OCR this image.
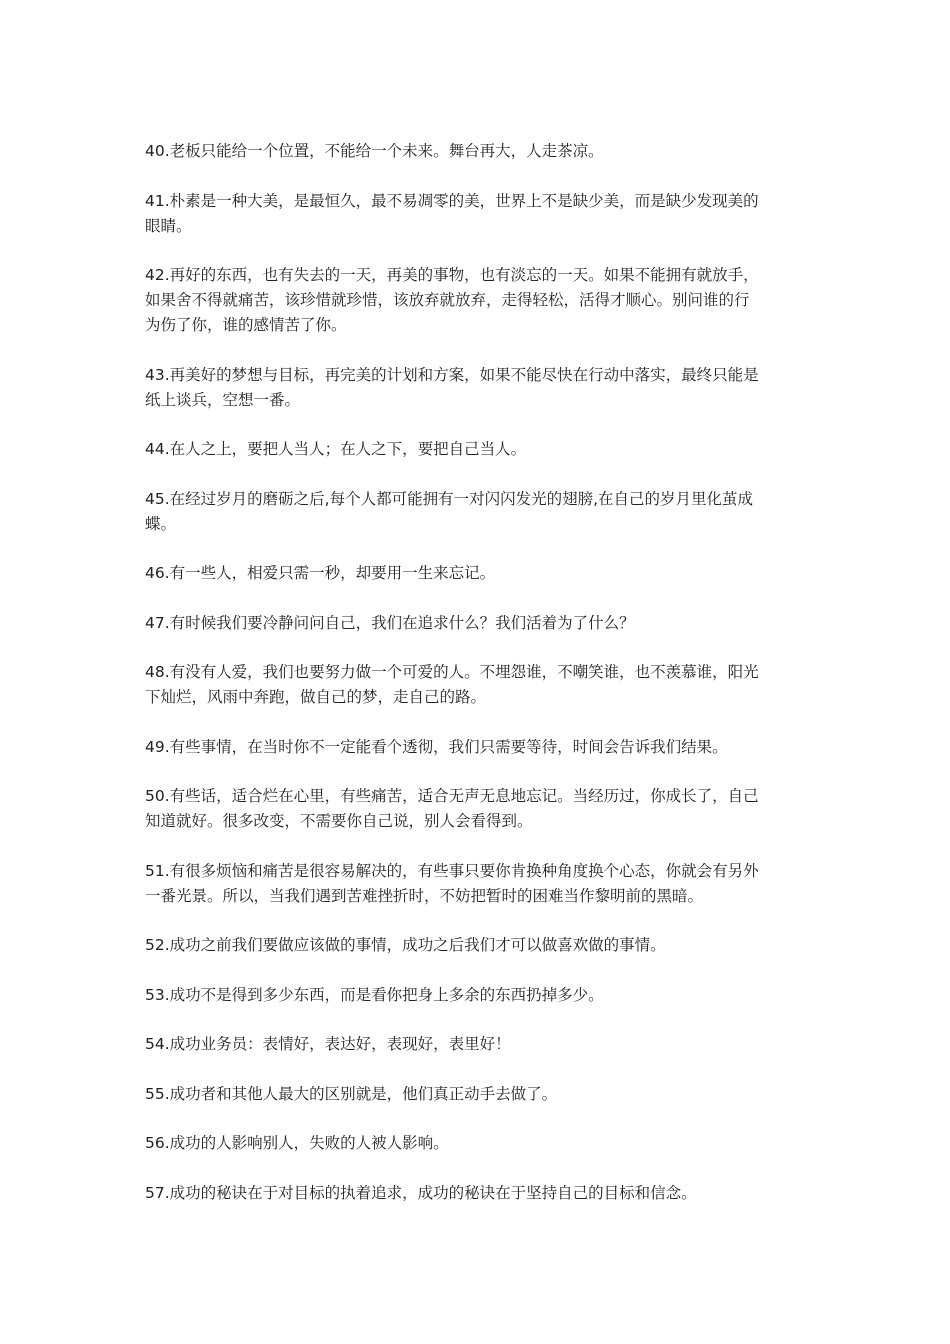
40.老板只能给一个位置，不能给一个未来。舞台再大，人走茶凉。

41.朴素是一种大美，是最恒久，最不易凋零的美，世界上不是缺少美，而是缺少发现美的
眼睛。

42.再好的东西，也有失去的一天，再美的事物，也有淡忘的一天。如果不能拥有就放手，
如果舍不得就痛苦，该珍惜就珍惜，该放弃就放弃，走得轻松，活得才顺心。别问谁的行
为伤了你，谁的感情苦了你。

43.再美好的梦想与目标，再完美的计划和方案，如果不能尽快在行动中落实，最终只能是
纸上谈兵，空想一番。

44.在人之上，要把人当人；在人之下，要把自己当人。

45.在经过岁月的磨砺之后,每个人都可能拥有一对闪闪发光的翅膀,在自己的岁月里化茧成
蝶。

46.有一些人，相爱只需一秒，却要用一生来忘记。

47.有时候我们要冷静问问自己，我们在追求什么？我们活着为了什么？

48.有没有人爱，我们也要努力做一个可爱的人。不埋怨谁，不嘲笑谁，也不羡慕谁，阳光
下灿烂，风雨中奔跑，做自己的梦，走自己的路。

49.有些事情，在当时你不一定能看个透彻，我们只需要等待，时间会告诉我们结果。

50.有些话，适合烂在心里，有些痛苦，适合无声无息地忘记。当经历过，你成长了，自己
知道就好。很多改变，不需要你自己说，别人会看得到。

51.有很多烦恼和痛苦是很容易解决的，有些事只要你肯换种角度换个心态，你就会有另外
一番光景。所以，当我们遇到苦难挫折时，不妨把暂时的困难当作黎明前的黑暗。

52.成功之前我们要做应该做的事情，成功之后我们才可以做喜欢做的事情。

53.成功不是得到多少东西，而是看你把身上多余的东西扔掉多少。

54.成功业务员：表情好，表达好，表现好，表里好！

55.成功者和其他人最大的区别就是，他们真正动手去做了。

56.成功的人影响别人，失败的人被人影响。

57.成功的秘诀在于对目标的执着追求，成功的秘诀在于坚持自己的目标和信念。
